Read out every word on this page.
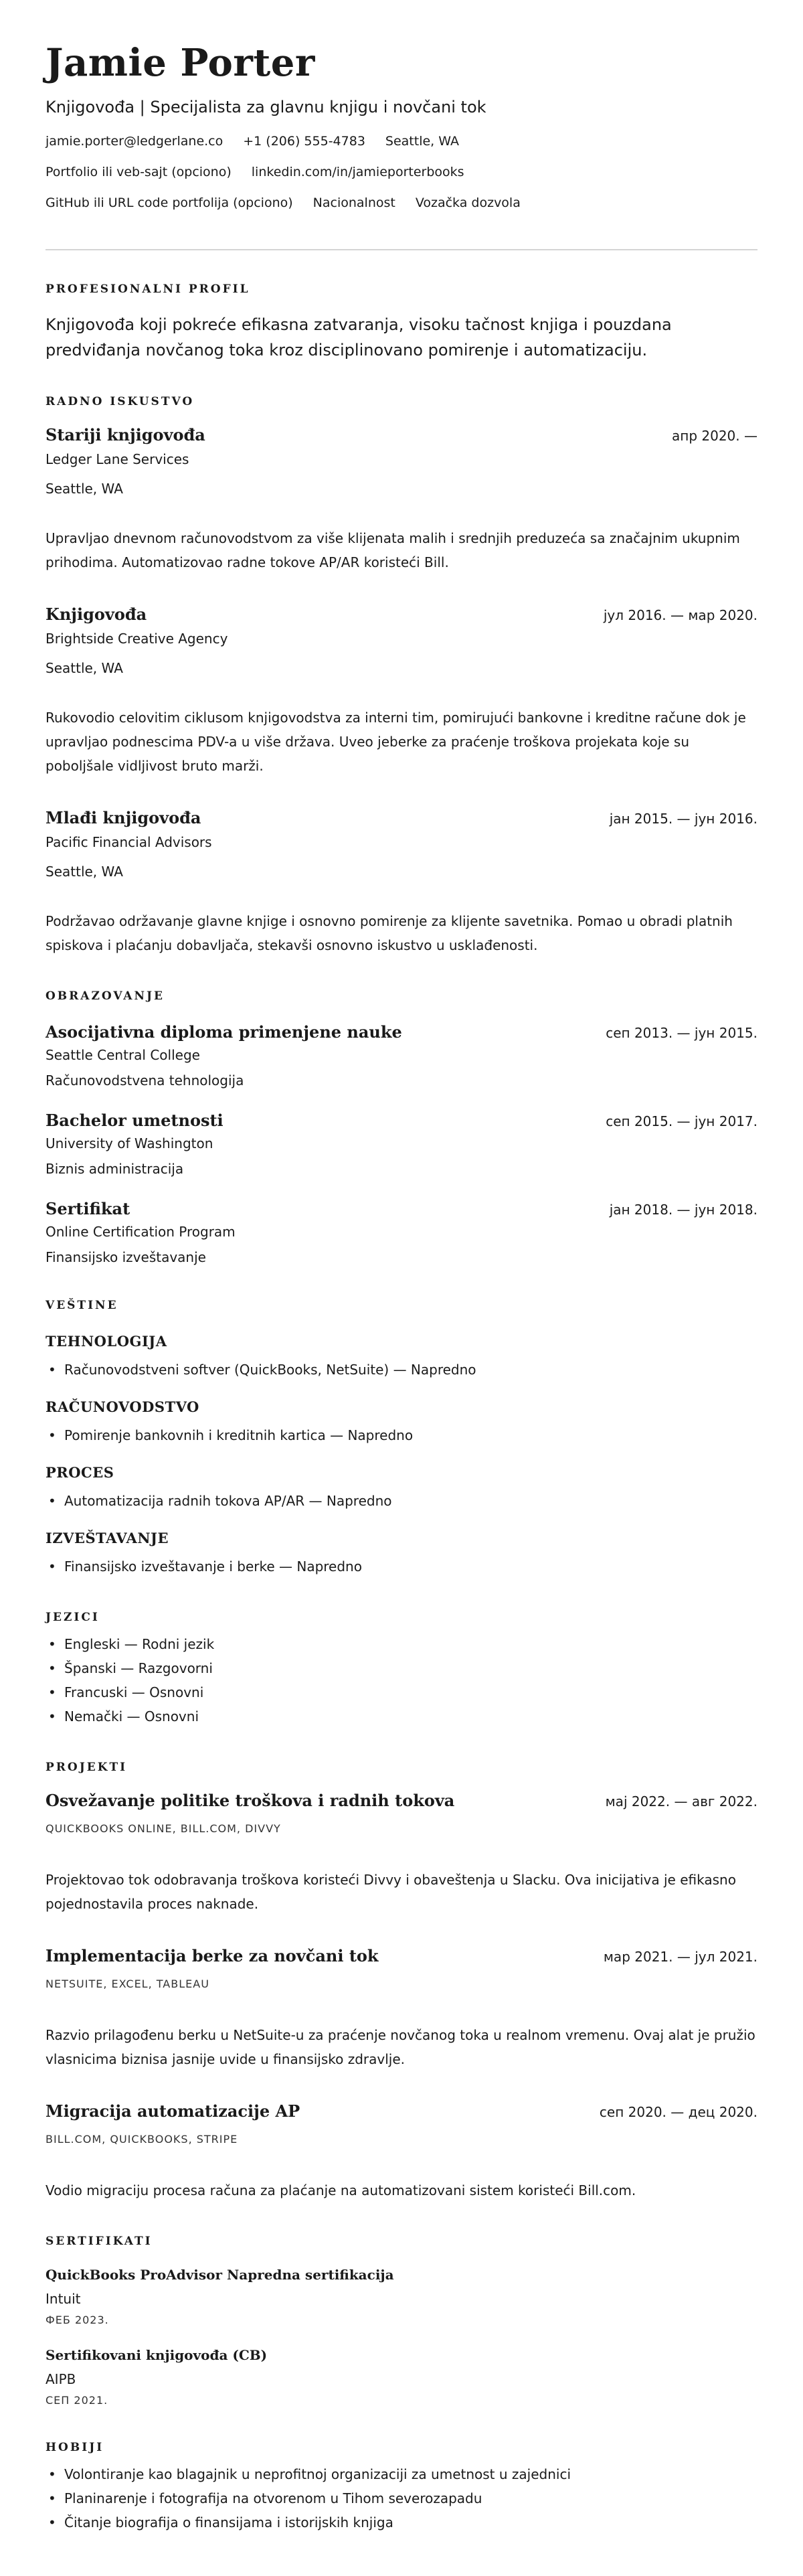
Jamie Porter
Knjigovođa | Specijalista za glavnu knjigu i novčani tok
jamie.porter@ledgerlane.co +1 (206) 555-4783 Seattle, WA
Portfolio ili veb-sajt (opciono) linkedin.com/in/jamieporterbooks
GitHub ili URL code portfolija (opciono) Nacionalnost Vozačka dozvola
PROFESIONALNI PROFIL
Knjigovođa koji pokreće efikasna zatvaranja, visoku tačnost knjiga i pouzdana predviđanja novčanog toka kroz disciplinovano pomirenje i automatizaciju.
RADNO ISKUSTVO
Stariji knjigovođa	апр 2020. —
Ledger Lane Services
Seattle, WA
Upravljao dnevnom računovodstvom za više klijenata malih i srednjih preduzeća sa značajnim ukupnim prihodima. Automatizovao radne tokove AP/AR koristeći Bill.
Knjigovođa	јул 2016. — мар 2020.
Brightside Creative Agency
Seattle, WA
Rukovodio celovitim ciklusom knjigovodstva za interni tim, pomirujući bankovne i kreditne račune dok je upravljao podnescima PDV-a u više država. Uveo jeberke za praćenje troškova projekata koje su poboljšale vidljivost bruto marži.
Mlađi knjigovođa	јан 2015. — јун 2016.
Pacific Financial Advisors
Seattle, WA
Podržavao održavanje glavne knjige i osnovno pomirenje za klijente savetnika. Pomao u obradi platnih spiskova i plaćanju dobavljača, stekavši osnovno iskustvo u usklađenosti.
OBRAZOVANJE
Asocijativna diploma primenjene nauke	сеп 2013. — јун 2015.
Seattle Central College
Računovodstvena tehnologija
Bachelor umetnosti	сеп 2015. — јун 2017.
University of Washington
Biznis administracija
Sertifikat	јан 2018. — јун 2018.
Online Certification Program
Finansijsko izveštavanje
VEŠTINE
TEHNOLOGIJA
• Računovodstveni softver (QuickBooks, NetSuite) — Napredno
RAČUNOVODSTVO
• Pomirenje bankovnih i kreditnih kartica — Napredno
PROCES
• Automatizacija radnih tokova AP/AR — Napredno
IZVEŠTAVANJE
• Finansijsko izveštavanje i berke — Napredno
JEZICI
• Engleski — Rodni jezik
• Španski — Razgovorni
• Francuski — Osnovni
• Nemački — Osnovni
PROJEKTI
Osvežavanje politike troškova i radnih tokova	мај 2022. — авг 2022.
QUICKBOOKS ONLINE, BILL.COM, DIVVY
Projektovao tok odobravanja troškova koristeći Divvy i obaveštenja u Slacku. Ova inicijativa je efikasno pojednostavila proces naknade.
Implementacija berke za novčani tok	мар 2021. — јул 2021.
NETSUITE, EXCEL, TABLEAU
Razvio prilagođenu berku u NetSuite-u za praćenje novčanog toka u realnom vremenu. Ovaj alat je pružio vlasnicima biznisa jasnije uvide u finansijsko zdravlje.
Migracija automatizacije AP	сеп 2020. — дец 2020.
BILL.COM, QUICKBOOKS, STRIPE
Vodio migraciju procesa računa za plaćanje na automatizovani sistem koristeći Bill.com.
SERTIFIKATI
QuickBooks ProAdvisor Napredna sertifikacija
Intuit
ФЕБ 2023.
Sertifikovani knjigovođa (CB)
AIPB
СЕП 2021.
HOBIJI
• Volontiranje kao blagajnik u neprofitnoj organizaciji za umetnost u zajednici
• Planinarenje i fotografija na otvorenom u Tihom severozapadu
• Čitanje biografija o finansijama i istorijskih knjiga
